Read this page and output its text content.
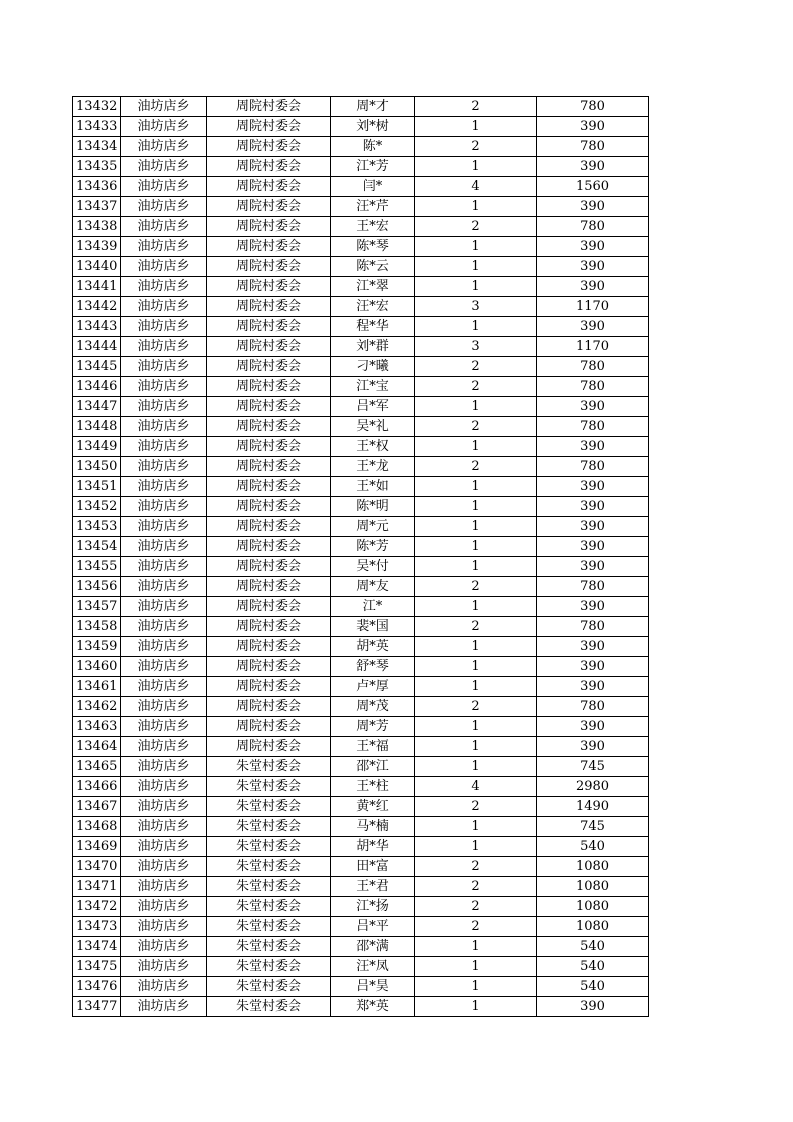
13432	油坊店乡	周院村委会	周*才	2	780
13433	油坊店乡	周院村委会	刘*树	1	390
13434	油坊店乡	周院村委会	陈*	2	780
13435	油坊店乡	周院村委会	江*芳	1	390
13436	油坊店乡	周院村委会	闫*	4	1560
13437	油坊店乡	周院村委会	汪*芹	1	390
13438	油坊店乡	周院村委会	王*宏	2	780
13439	油坊店乡	周院村委会	陈*琴	1	390
13440	油坊店乡	周院村委会	陈*云	1	390
13441	油坊店乡	周院村委会	江*翠	1	390
13442	油坊店乡	周院村委会	汪*宏	3	1170
13443	油坊店乡	周院村委会	程*华	1	390
13444	油坊店乡	周院村委会	刘*群	3	1170
13445	油坊店乡	周院村委会	刁*曦	2	780
13446	油坊店乡	周院村委会	江*宝	2	780
13447	油坊店乡	周院村委会	吕*军	1	390
13448	油坊店乡	周院村委会	吴*礼	2	780
13449	油坊店乡	周院村委会	王*权	1	390
13450	油坊店乡	周院村委会	王*龙	2	780
13451	油坊店乡	周院村委会	王*如	1	390
13452	油坊店乡	周院村委会	陈*明	1	390
13453	油坊店乡	周院村委会	周*元	1	390
13454	油坊店乡	周院村委会	陈*芳	1	390
13455	油坊店乡	周院村委会	吴*付	1	390
13456	油坊店乡	周院村委会	周*友	2	780
13457	油坊店乡	周院村委会	江*	1	390
13458	油坊店乡	周院村委会	裴*国	2	780
13459	油坊店乡	周院村委会	胡*英	1	390
13460	油坊店乡	周院村委会	舒*琴	1	390
13461	油坊店乡	周院村委会	卢*厚	1	390
13462	油坊店乡	周院村委会	周*茂	2	780
13463	油坊店乡	周院村委会	周*芳	1	390
13464	油坊店乡	周院村委会	王*福	1	390
13465	油坊店乡	朱堂村委会	邵*江	1	745
13466	油坊店乡	朱堂村委会	王*柱	4	2980
13467	油坊店乡	朱堂村委会	黄*红	2	1490
13468	油坊店乡	朱堂村委会	马*楠	1	745
13469	油坊店乡	朱堂村委会	胡*华	1	540
13470	油坊店乡	朱堂村委会	田*富	2	1080
13471	油坊店乡	朱堂村委会	王*君	2	1080
13472	油坊店乡	朱堂村委会	江*扬	2	1080
13473	油坊店乡	朱堂村委会	吕*平	2	1080
13474	油坊店乡	朱堂村委会	邵*满	1	540
13475	油坊店乡	朱堂村委会	汪*凤	1	540
13476	油坊店乡	朱堂村委会	吕*昊	1	540
13477	油坊店乡	朱堂村委会	郑*英	1	390
